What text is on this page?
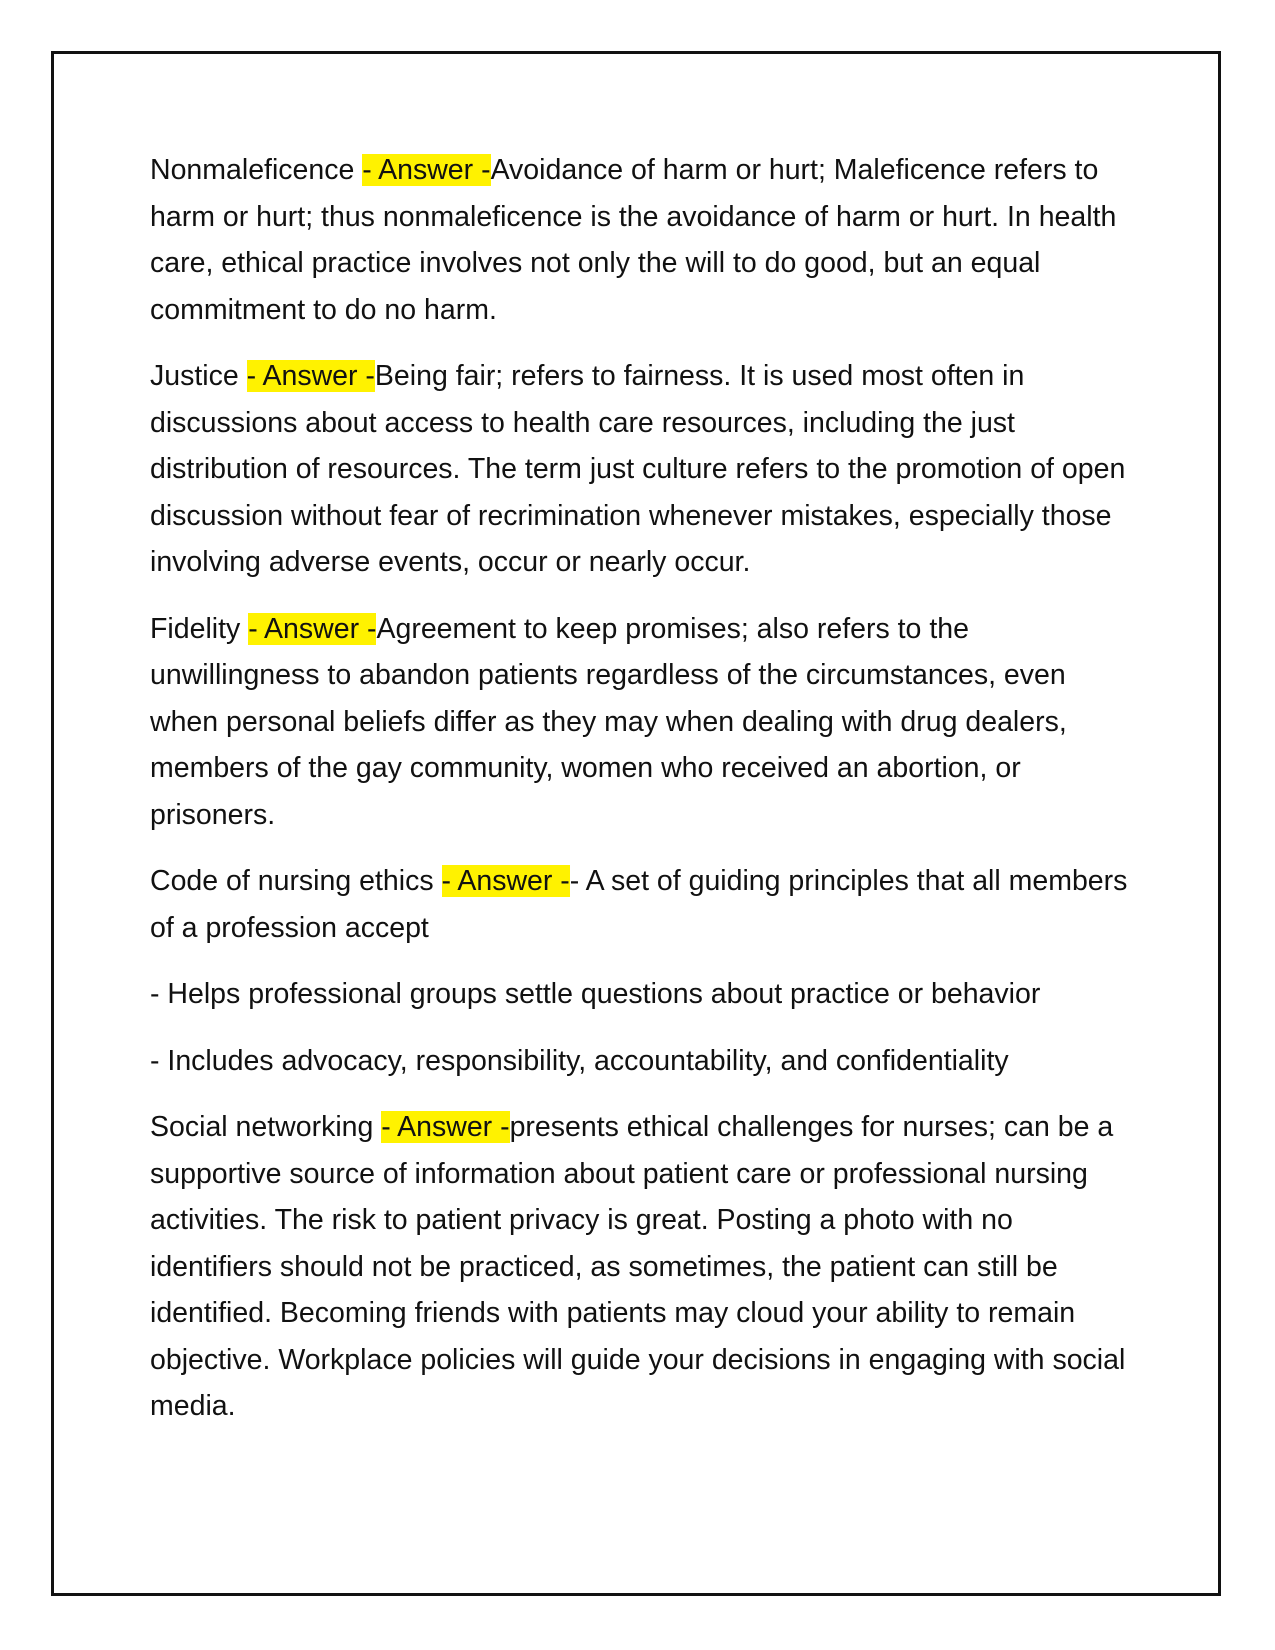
Nonmaleficence - Answer -Avoidance of harm or hurt; Maleficence refers to harm or hurt; thus nonmaleficence is the avoidance of harm or hurt. In health care, ethical practice involves not only the will to do good, but an equal commitment to do no harm.

Justice - Answer -Being fair; refers to fairness. It is used most often in discussions about access to health care resources, including the just distribution of resources. The term just culture refers to the promotion of open discussion without fear of recrimination whenever mistakes, especially those involving adverse events, occur or nearly occur.

Fidelity - Answer -Agreement to keep promises; also refers to the unwillingness to abandon patients regardless of the circumstances, even when personal beliefs differ as they may when dealing with drug dealers, members of the gay community, women who received an abortion, or prisoners.

Code of nursing ethics - Answer -- A set of guiding principles that all members of a profession accept

- Helps professional groups settle questions about practice or behavior

- Includes advocacy, responsibility, accountability, and confidentiality

Social networking - Answer -presents ethical challenges for nurses; can be a supportive source of information about patient care or professional nursing activities. The risk to patient privacy is great. Posting a photo with no identifiers should not be practiced, as sometimes, the patient can still be identified. Becoming friends with patients may cloud your ability to remain objective. Workplace policies will guide your decisions in engaging with social media.
